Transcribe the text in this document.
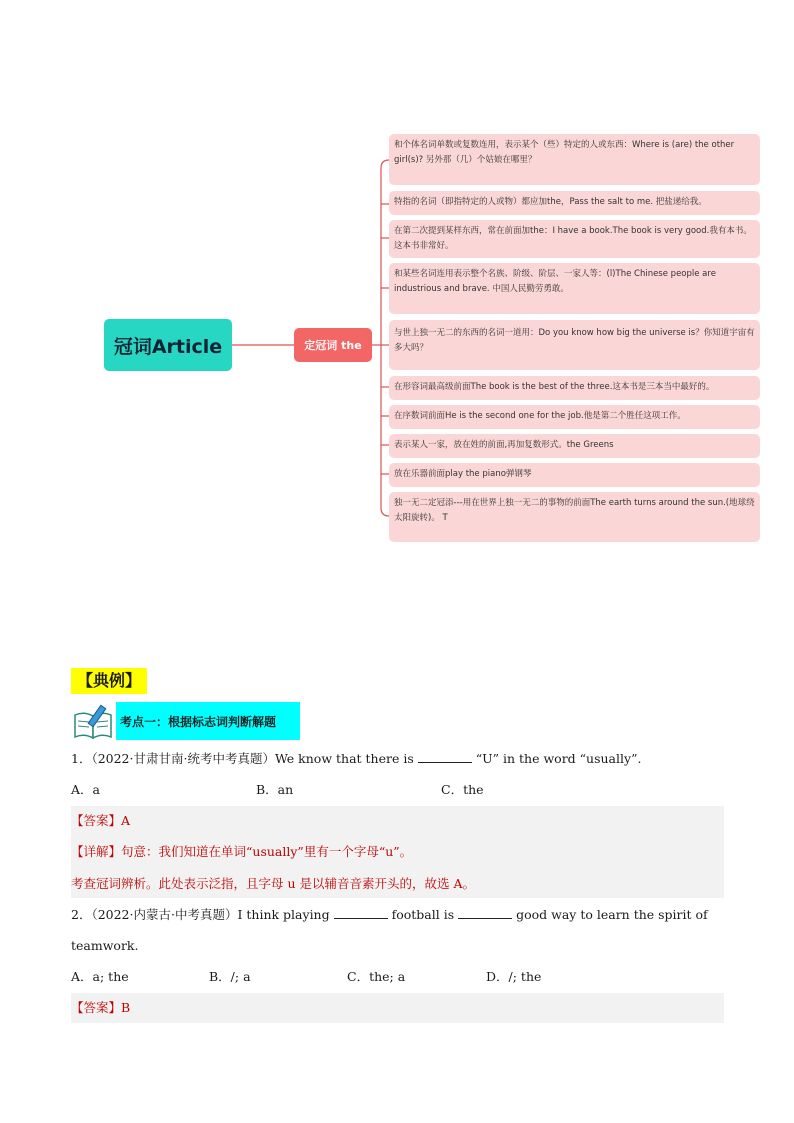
冠词Article	定冠词 the
和个体名词单数或复数连用，表示某个（些）特定的人或东西：Where is (are) the other girl(s)? 另外那（几）个姑娘在哪里？
特指的名词（即指特定的人或物）都应加the，Pass the salt to me. 把盐递给我。
在第二次提到某样东西，常在前面加the：I have a book.The book is very good.我有本书。这本书非常好。
和某些名词连用表示整个名族、阶级、阶层、一家人等：(l)The Chinese people are industrious and brave. 中国人民勤劳勇敢。
与世上独一无二的东西的名词一道用：Do you know how big the universe is？你知道宇宙有多大吗？
在形容词最高级前面The book is the best of the three.这本书是三本当中最好的。
在序数词前面He is the second one for the job.他是第二个胜任这项工作。
表示某人一家，放在姓的前面,再加复数形式。the Greens
放在乐器前面play the piano弹钢琴
独一无二定冠添---用在世界上独一无二的事物的前面The earth turns around the sun.(地球绕太阳旋转)。 T
【典例】
考点一：根据标志词判断解题
1．（2022·甘肃甘南·统考中考真题）We know that there is	“U” in the word “usually”.
A．a	B．an	C．the
【答案】A
【详解】句意：我们知道在单词“usually”里有一个字母“u”。
考查冠词辨析。此处表示泛指，且字母 u 是以辅音音素开头的，故选 A。
2．（2022·内蒙古·中考真题）I think playing	football is	good way to learn the spirit of
teamwork.
A．a; the	B．/; a	C．the; a	D．/; the
【答案】B
